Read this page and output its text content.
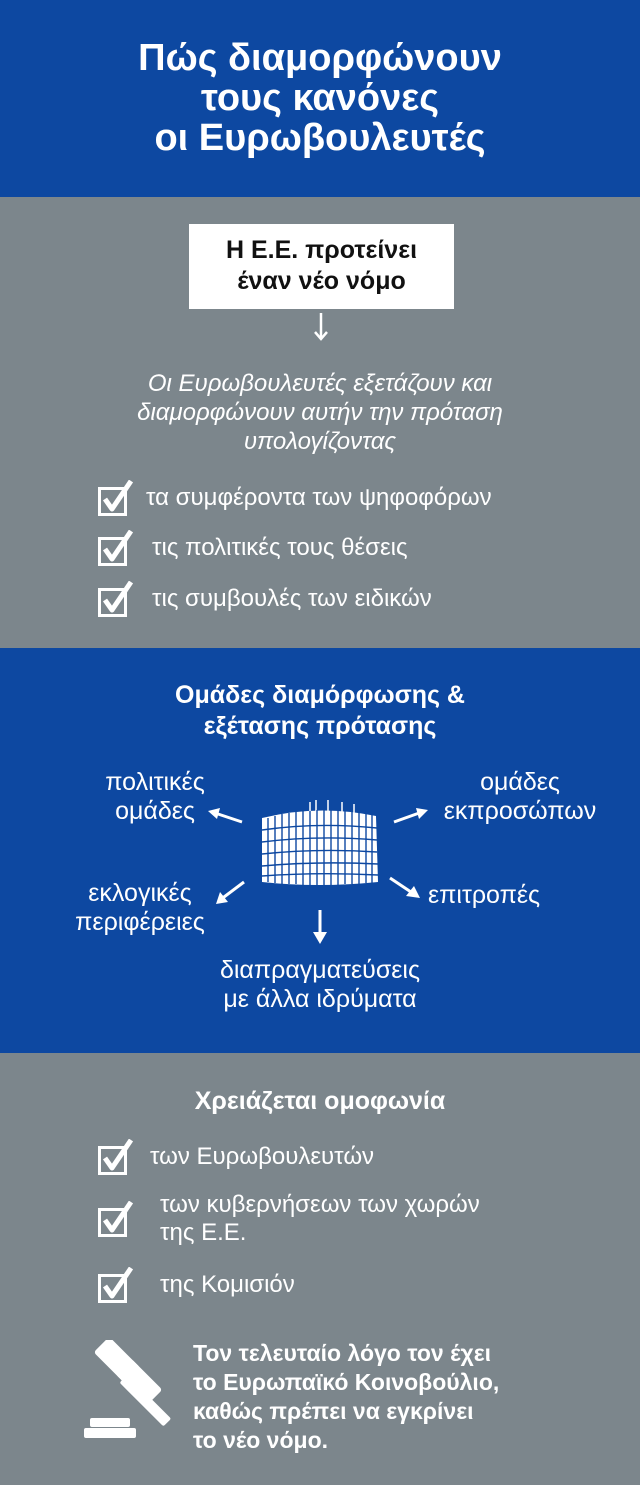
Πώς διαμορφώνουν
τους κανόνες
οι Ευρωβουλευτές
Η Ε.Ε. προτείνει
έναν νέο νόμο
Οι Ευρωβουλευτές εξετάζουν και
διαμορφώνουν αυτήν την πρόταση
υπολογίζοντας
τα συμφέροντα των ψηφοφόρων
τις πολιτικές τους θέσεις
τις συμβουλές των ειδικών
Ομάδες διαμόρφωσης &
εξέτασης πρότασης
πολιτικές
ομάδες
ομάδες
εκπροσώπων
εκλογικές
περιφέρειες
επιτροπές
διαπραγματεύσεις
με άλλα ιδρύματα
Χρειάζεται ομοφωνία
των Ευρωβουλευτών
των κυβερνήσεων των χωρών
της Ε.Ε.
της Κομισιόν
Τον τελευταίο λόγο τον έχει
το Ευρωπαϊκό Κοινοβούλιο,
καθώς πρέπει να εγκρίνει
το νέο νόμο.
